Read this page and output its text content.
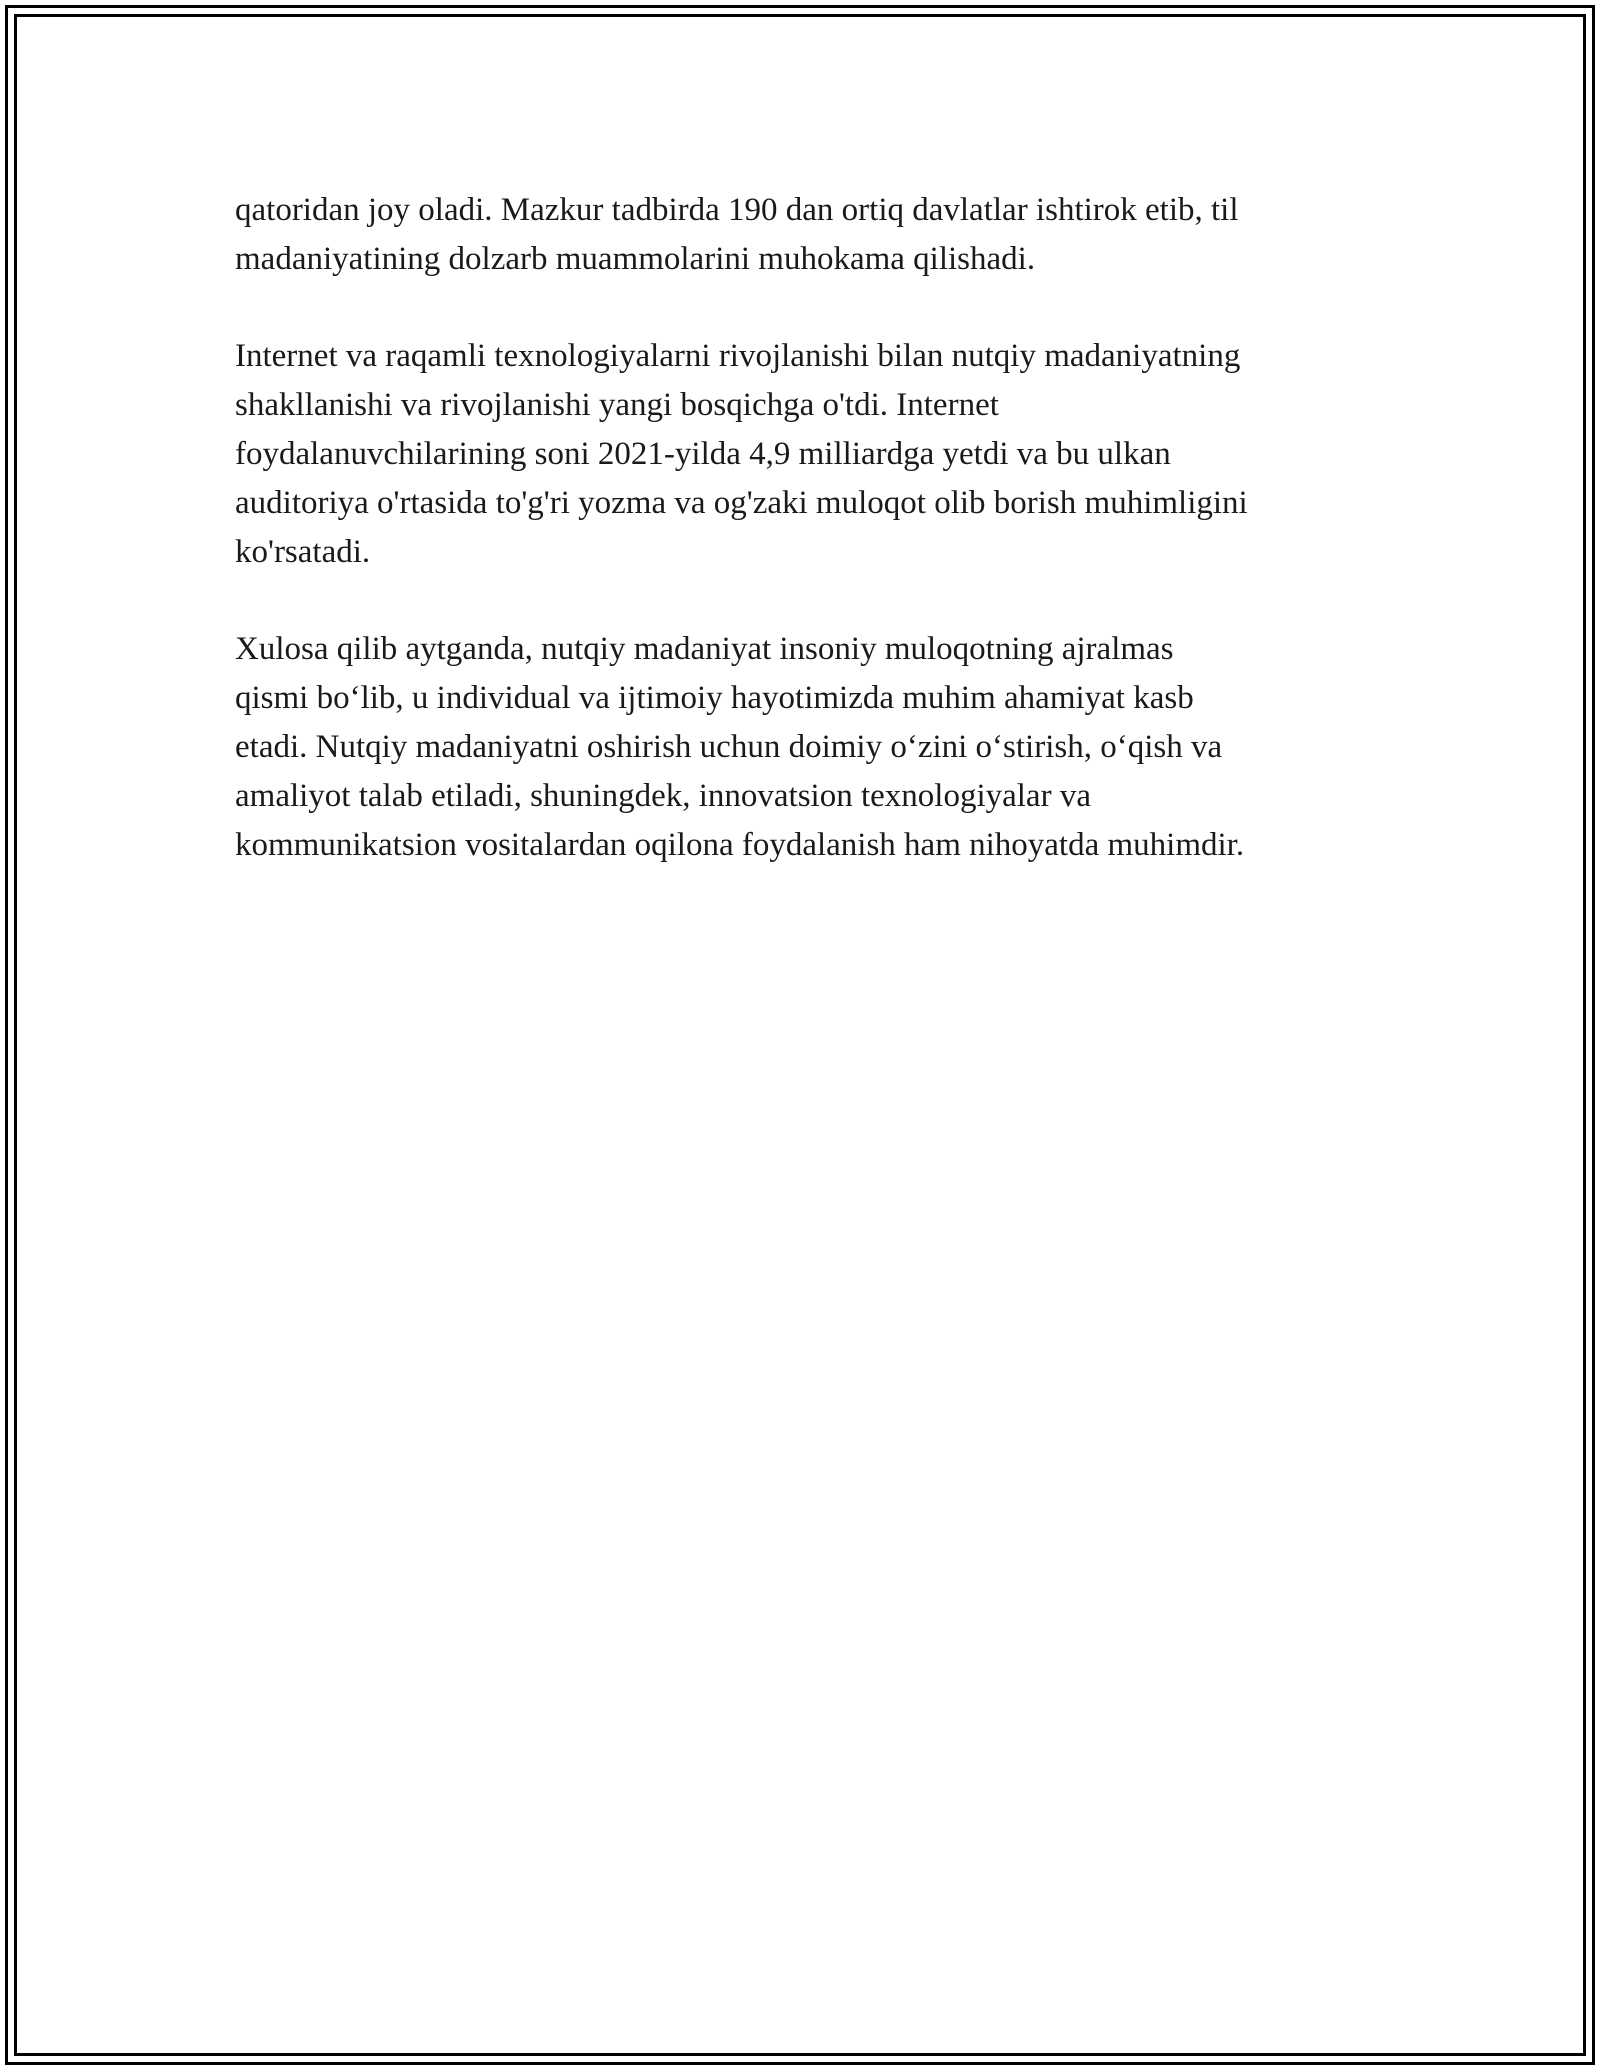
qatoridan joy oladi. Mazkur tadbirda 190 dan ortiq davlatlar ishtirok etib, til
madaniyatining dolzarb muammolarini muhokama qilishadi.

Internet va raqamli texnologiyalarni rivojlanishi bilan nutqiy madaniyatning
shakllanishi va rivojlanishi yangi bosqichga o'tdi. Internet
foydalanuvchilarining soni 2021-yilda 4,9 milliardga yetdi va bu ulkan
auditoriya o'rtasida to'g'ri yozma va og'zaki muloqot olib borish muhimligini
ko'rsatadi.

Xulosa qilib aytganda, nutqiy madaniyat insoniy muloqotning ajralmas
qismi bo‘lib, u individual va ijtimoiy hayotimizda muhim ahamiyat kasb
etadi. Nutqiy madaniyatni oshirish uchun doimiy o‘zini o‘stirish, o‘qish va
amaliyot talab etiladi, shuningdek, innovatsion texnologiyalar va
kommunikatsion vositalardan oqilona foydalanish ham nihoyatda muhimdir.
